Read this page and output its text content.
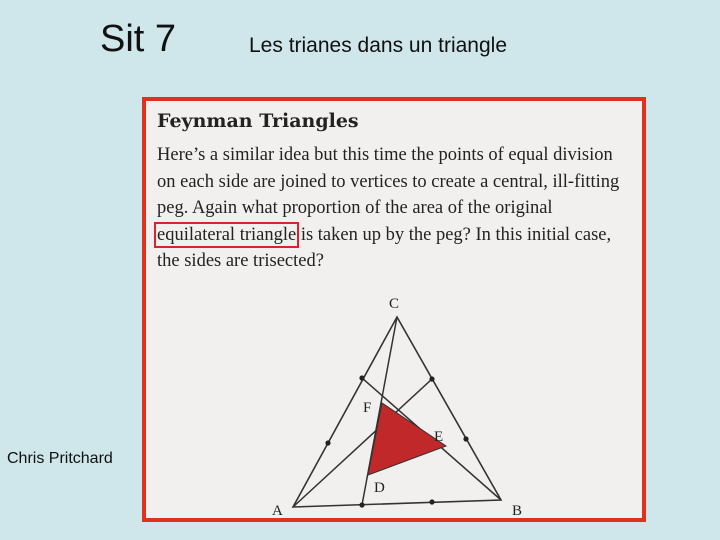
Sit 7	Les trianes dans un triangle
Chris Pritchard
A	B
C
D
E
F
Feynman Triangles
Here’s a similar idea but this time the points of equal division on each side are joined to vertices to create a central, ill-fitting peg. Again what proportion of the area of the original equilateral triangle is taken up by the peg? In this initial case, the sides are trisected?
